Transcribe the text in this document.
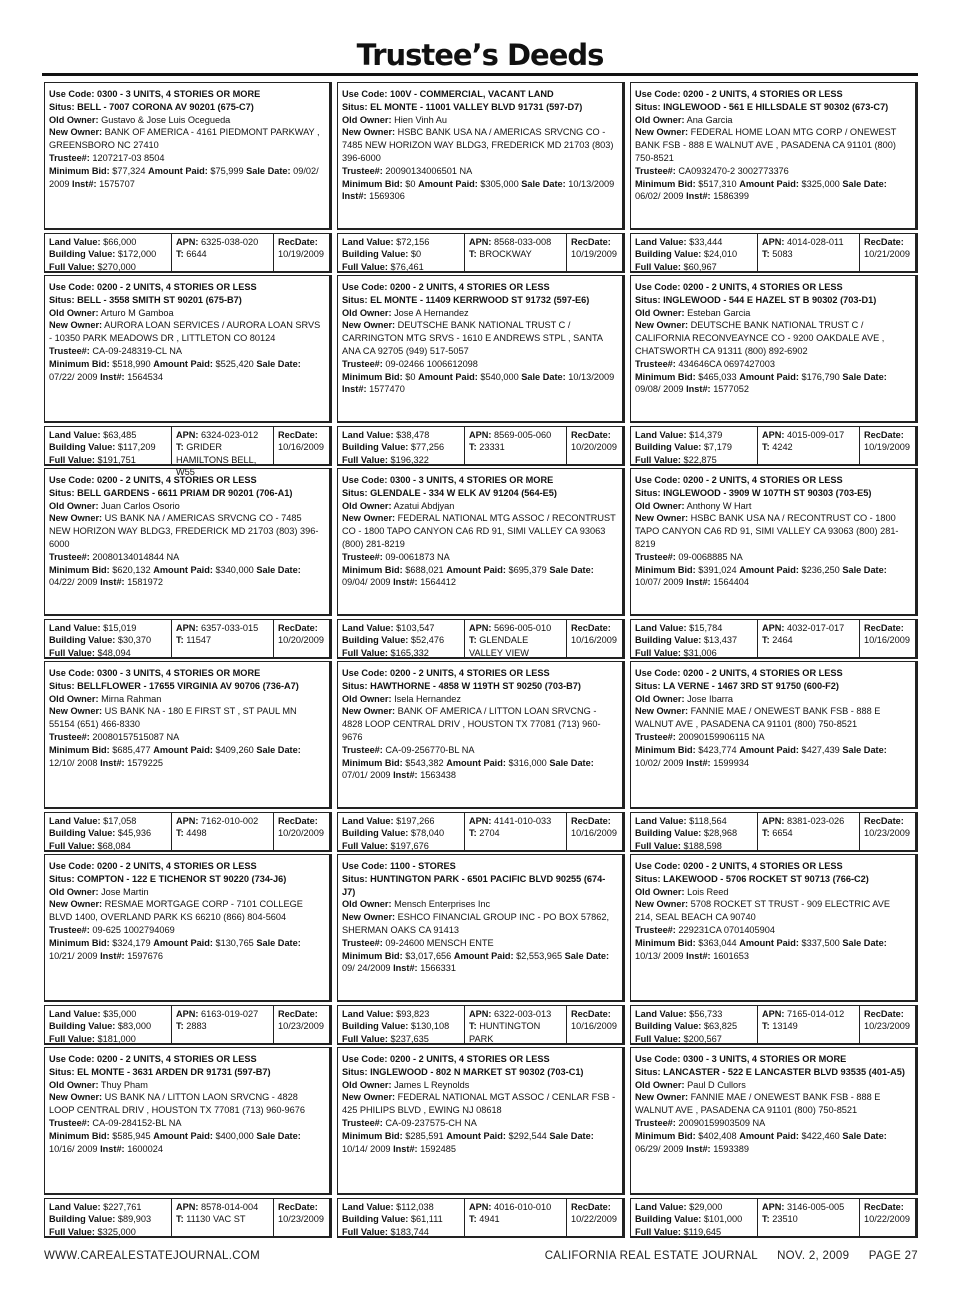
Trustee’s Deeds
Use Code: 0300 - 3 UNITS, 4 STORIES OR MORE
Situs: BELL - 7007 CORONA AV 90201 (675-C7)
Old Owner: Gustavo & Jose Luis Ocegueda
New Owner: BANK OF AMERICA - 4161 PIEDMONT PARKWAY , GREENSBORO NC 27410
Trustee#: 1207217-03 8504
Minimum Bid: $77,324 Amount Paid: $75,999 Sale Date: 09/02/ 2009 Inst#: 1575707
Land Value: $66,000
Building Value: $172,000
Full Value: $270,000
APN: 6325-038-020
T: 6644
RecDate:
10/19/2009
Use Code: 100V - COMMERCIAL, VACANT LAND
Situs: EL MONTE - 11001 VALLEY BLVD 91731 (597-D7)
Old Owner: Hien Vinh Au
New Owner: HSBC BANK USA NA / AMERICAS SRVCNG CO - 7485 NEW HORIZON WAY BLDG3, FREDERICK MD 21703 (803) 396-6000
Trustee#: 20090134006501 NA
Minimum Bid: $0 Amount Paid: $305,000 Sale Date: 10/13/2009 Inst#: 1569306
Land Value: $72,156
Building Value: $0
Full Value: $76,461
APN: 8568-033-008
T: BROCKWAY
RecDate:
10/19/2009
Use Code: 0200 - 2 UNITS, 4 STORIES OR LESS
Situs: INGLEWOOD - 561 E HILLSDALE ST 90302 (673-C7)
Old Owner: Ana Garcia
New Owner: FEDERAL HOME LOAN MTG CORP / ONEWEST BANK FSB - 888 E WALNUT AVE , PASADENA CA 91101 (800) 750-8521
Trustee#: CA0932470-2 3002773376
Minimum Bid: $517,310 Amount Paid: $325,000 Sale Date: 06/02/ 2009 Inst#: 1586399
Land Value: $33,444
Building Value: $24,010
Full Value: $60,967
APN: 4014-028-011
T: 5083
RecDate:
10/21/2009
Use Code: 0200 - 2 UNITS, 4 STORIES OR LESS
Situs: BELL - 3558 SMITH ST 90201 (675-B7)
Old Owner: Arturo M Gamboa
New Owner: AURORA LOAN SERVICES / AURORA LOAN SRVS - 10350 PARK MEADOWS DR , LITTLETON CO 80124
Trustee#: CA-09-248319-CL NA
Minimum Bid: $518,990 Amount Paid: $525,420 Sale Date: 07/22/ 2009 Inst#: 1564534
Land Value: $63,485
Building Value: $117,209
Full Value: $191,751
APN: 6324-023-012
T: GRIDER HAMILTONS BELL, W55
RecDate:
10/16/2009
Use Code: 0200 - 2 UNITS, 4 STORIES OR LESS
Situs: EL MONTE - 11409 KERRWOOD ST 91732 (597-E6)
Old Owner: Jose A Hernandez
New Owner: DEUTSCHE BANK NATIONAL TRUST C / CARRINGTON MTG SRVS - 1610 E ANDREWS STPL , SANTA ANA CA 92705 (949) 517-5057
Trustee#: 09-02466 1006612098
Minimum Bid: $0 Amount Paid: $540,000 Sale Date: 10/13/2009 Inst#: 1577470
Land Value: $38,478
Building Value: $77,256
Full Value: $196,322
APN: 8569-005-060
T: 23331
RecDate:
10/20/2009
Use Code: 0200 - 2 UNITS, 4 STORIES OR LESS
Situs: INGLEWOOD - 544 E HAZEL ST B 90302 (703-D1)
Old Owner: Esteban Garcia
New Owner: DEUTSCHE BANK NATIONAL TRUST C / CALIFORNIA RECONVEAYNCE CO - 9200 OAKDALE AVE , CHATSWORTH CA 91311 (800) 892-6902
Trustee#: 434646CA 0697427003
Minimum Bid: $465,033 Amount Paid: $176,790 Sale Date: 09/08/ 2009 Inst#: 1577052
Land Value: $14,379
Building Value: $7,179
Full Value: $22,875
APN: 4015-009-017
T: 4242
RecDate:
10/19/2009
Use Code: 0200 - 2 UNITS, 4 STORIES OR LESS
Situs: BELL GARDENS - 6611 PRIAM DR 90201 (706-A1)
Old Owner: Juan Carlos Osorio
New Owner: US BANK NA / AMERICAS SRVCNG CO - 7485 NEW HORIZON WAY BLDG3, FREDERICK MD 21703 (803) 396-6000
Trustee#: 20080134014844 NA
Minimum Bid: $620,132 Amount Paid: $340,000 Sale Date: 04/22/ 2009 Inst#: 1581972
Land Value: $15,019
Building Value: $30,370
Full Value: $48,094
APN: 6357-033-015
T: 11547
RecDate:
10/20/2009
Use Code: 0300 - 3 UNITS, 4 STORIES OR MORE
Situs: GLENDALE - 334 W ELK AV 91204 (564-E5)
Old Owner: Azatui Abdjyan
New Owner: FEDERAL NATIONAL MTG ASSOC / RECONTRUST CO - 1800 TAPO CANYON CA6 RD 91, SIMI VALLEY CA 93063 (800) 281-8219
Trustee#: 09-0061873 NA
Minimum Bid: $688,021 Amount Paid: $695,379 Sale Date: 09/04/ 2009 Inst#: 1564412
Land Value: $103,547
Building Value: $52,476
Full Value: $165,332
APN: 5696-005-010
T: GLENDALE VALLEY VIEW
RecDate:
10/16/2009
Use Code: 0200 - 2 UNITS, 4 STORIES OR LESS
Situs: INGLEWOOD - 3909 W 107TH ST 90303 (703-E5)
Old Owner: Anthony W Hart
New Owner: HSBC BANK USA NA / RECONTRUST CO - 1800 TAPO CANYON CA6 RD 91, SIMI VALLEY CA 93063 (800) 281-8219
Trustee#: 09-0068885 NA
Minimum Bid: $391,024 Amount Paid: $236,250 Sale Date: 10/07/ 2009 Inst#: 1564404
Land Value: $15,784
Building Value: $13,437
Full Value: $31,006
APN: 4032-017-017
T: 2464
RecDate:
10/16/2009
Use Code: 0300 - 3 UNITS, 4 STORIES OR MORE
Situs: BELLFLOWER - 17655 VIRGINIA AV 90706 (736-A7)
Old Owner: Mirna Rahman
New Owner: US BANK NA - 180 E FIRST ST , ST PAUL MN 55154 (651) 466-8330
Trustee#: 20080157515087 NA
Minimum Bid: $685,477 Amount Paid: $409,260 Sale Date: 12/10/ 2008 Inst#: 1579225
Land Value: $17,058
Building Value: $45,936
Full Value: $68,084
APN: 7162-010-002
T: 4498
RecDate:
10/20/2009
Use Code: 0200 - 2 UNITS, 4 STORIES OR LESS
Situs: HAWTHORNE - 4858 W 119TH ST 90250 (703-B7)
Old Owner: Isela Hernandez
New Owner: BANK OF AMERICA / LITTON LOAN SRVCNG - 4828 LOOP CENTRAL DRIV , HOUSTON TX 77081 (713) 960-9676
Trustee#: CA-09-256770-BL NA
Minimum Bid: $543,382 Amount Paid: $316,000 Sale Date: 07/01/ 2009 Inst#: 1563438
Land Value: $197,266
Building Value: $78,040
Full Value: $197,676
APN: 4141-010-033
T: 2704
RecDate:
10/16/2009
Use Code: 0200 - 2 UNITS, 4 STORIES OR LESS
Situs: LA VERNE - 1467 3RD ST 91750 (600-F2)
Old Owner: Jose Ibarra
New Owner: FANNIE MAE / ONEWEST BANK FSB - 888 E WALNUT AVE , PASADENA CA 91101 (800) 750-8521
Trustee#: 20090159906115 NA
Minimum Bid: $423,774 Amount Paid: $427,439 Sale Date: 10/02/ 2009 Inst#: 1599934
Land Value: $118,564
Building Value: $28,968
Full Value: $188,598
APN: 8381-023-026
T: 6654
RecDate:
10/23/2009
Use Code: 0200 - 2 UNITS, 4 STORIES OR LESS
Situs: COMPTON - 122 E TICHENOR ST 90220 (734-J6)
Old Owner: Jose Martin
New Owner: RESMAE MORTGAGE CORP - 7101 COLLEGE BLVD 1400, OVERLAND PARK KS 66210 (866) 804-5604
Trustee#: 09-625 1002794069
Minimum Bid: $324,179 Amount Paid: $130,765 Sale Date: 10/21/ 2009 Inst#: 1597676
Land Value: $35,000
Building Value: $83,000
Full Value: $181,000
APN: 6163-019-027
T: 2883
RecDate:
10/23/2009
Use Code: 1100 - STORES
Situs: HUNTINGTON PARK - 6501 PACIFIC BLVD 90255 (674-J7)
Old Owner: Mensch Enterprises Inc
New Owner: ESHCO FINANCIAL GROUP INC - PO BOX 57862, SHERMAN OAKS CA 91413
Trustee#: 09-24600 MENSCH ENTE
Minimum Bid: $3,017,656 Amount Paid: $2,553,965 Sale Date: 09/ 24/2009 Inst#: 1566331
Land Value: $93,823
Building Value: $130,108
Full Value: $237,635
APN: 6322-003-013
T: HUNTINGTON PARK
RecDate:
10/16/2009
Use Code: 0200 - 2 UNITS, 4 STORIES OR LESS
Situs: LAKEWOOD - 5706 ROCKET ST 90713 (766-C2)
Old Owner: Lois Reed
New Owner: 5708 ROCKET ST TRUST - 909 ELECTRIC AVE 214, SEAL BEACH CA 90740
Trustee#: 229231CA 0701405904
Minimum Bid: $363,044 Amount Paid: $337,500 Sale Date: 10/13/ 2009 Inst#: 1601653
Land Value: $56,733
Building Value: $63,825
Full Value: $200,567
APN: 7165-014-012
T: 13149
RecDate:
10/23/2009
Use Code: 0200 - 2 UNITS, 4 STORIES OR LESS
Situs: EL MONTE - 3631 ARDEN DR 91731 (597-B7)
Old Owner: Thuy Pham
New Owner: US BANK NA / LITTON LAON SRVCNG - 4828 LOOP CENTRAL DRIV , HOUSTON TX 77081 (713) 960-9676
Trustee#: CA-09-284152-BL NA
Minimum Bid: $585,945 Amount Paid: $400,000 Sale Date: 10/16/ 2009 Inst#: 1600024
Land Value: $227,761
Building Value: $89,903
Full Value: $325,000
APN: 8578-014-004
T: 11130 VAC ST
RecDate:
10/23/2009
Use Code: 0200 - 2 UNITS, 4 STORIES OR LESS
Situs: INGLEWOOD - 802 N MARKET ST 90302 (703-C1)
Old Owner: James L Reynolds
New Owner: FEDERAL NATIONAL MGT ASSOC / CENLAR FSB - 425 PHILIPS BLVD , EWING NJ 08618
Trustee#: CA-09-237575-CH NA
Minimum Bid: $285,591 Amount Paid: $292,544 Sale Date: 10/14/ 2009 Inst#: 1592485
Land Value: $112,038
Building Value: $61,111
Full Value: $183,744
APN: 4016-010-010
T: 4941
RecDate:
10/22/2009
Use Code: 0300 - 3 UNITS, 4 STORIES OR MORE
Situs: LANCASTER - 522 E LANCASTER BLVD 93535 (401-A5)
Old Owner: Paul D Cullors
New Owner: FANNIE MAE / ONEWEST BANK FSB - 888 E WALNUT AVE , PASADENA CA 91101 (800) 750-8521
Trustee#: 20090159903509 NA
Minimum Bid: $402,408 Amount Paid: $422,460 Sale Date: 06/29/ 2009 Inst#: 1593389
Land Value: $29,000
Building Value: $101,000
Full Value: $119,645
APN: 3146-005-005
T: 23510
RecDate:
10/22/2009
WWW.CAREALESTATEJOURNAL.COM	CALIFORNIA REAL ESTATE JOURNAL NOV. 2, 2009 PAGE 27
